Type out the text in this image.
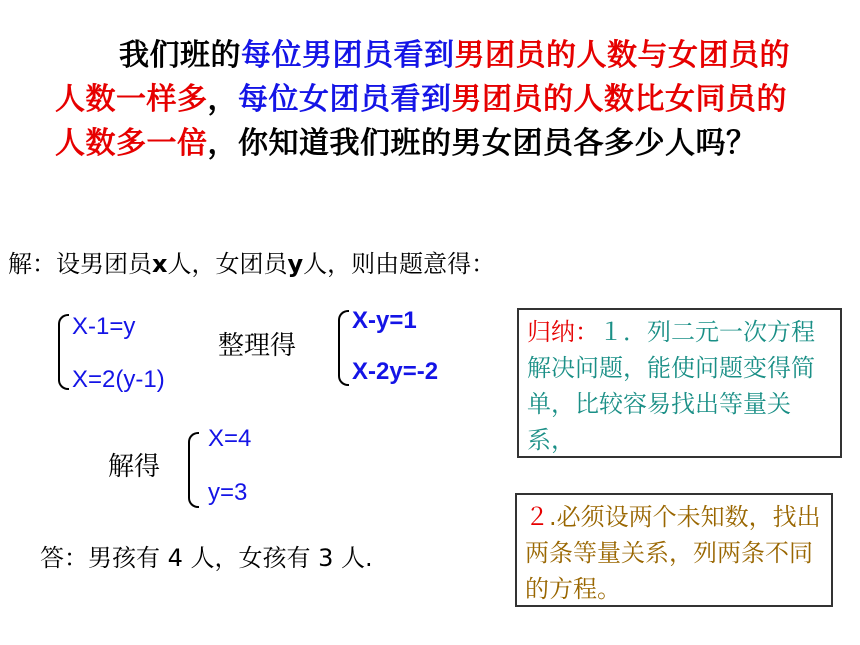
我们班的每位男团员看到男团员的人数与女团员的人数一样多，每位女团员看到男团员的人数比女同员的人数多一倍，你知道我们班的男女团员各多少人吗？
解：设男团员x人，女团员y人，则由题意得：
X-1=y
X=2(y-1)
整理得
X-y=1
X-2y=-2
解得
X=4
y=3
答：男孩有 4 人，女孩有 3 人.
归纳：１．列二元一次方程解决问题，能使问题变得简单，比较容易找出等量关系，
２.必须设两个未知数，找出两条等量关系，列两条不同的方程。
